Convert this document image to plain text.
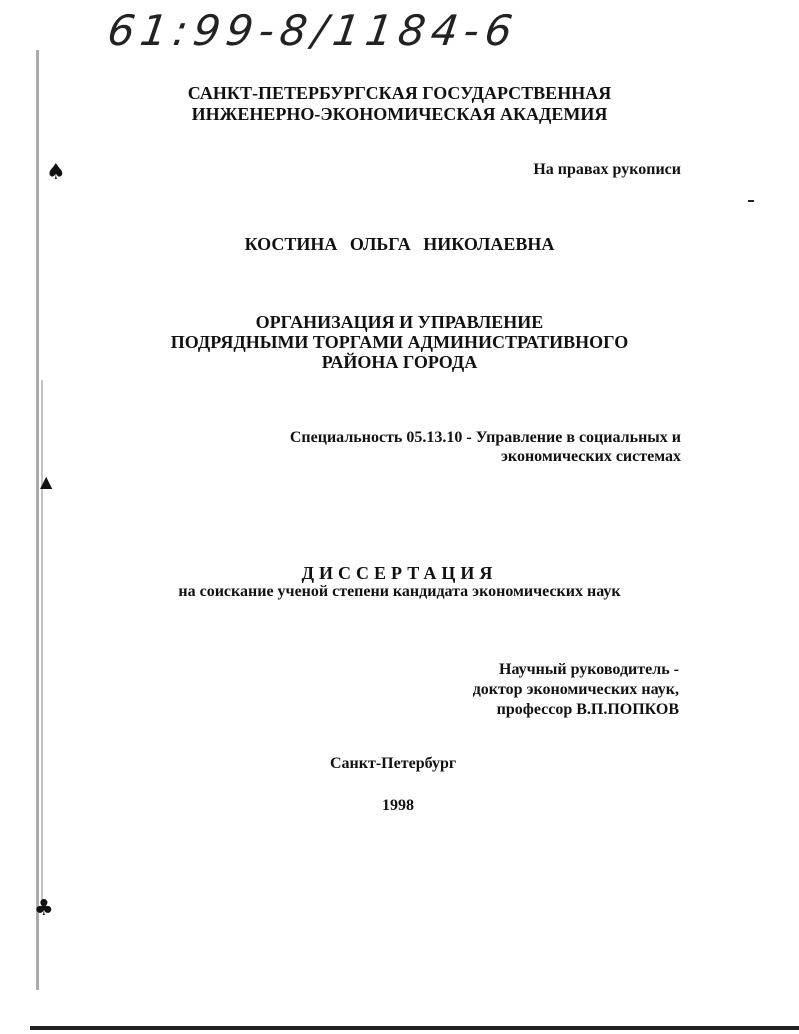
♠
▲
♣
61:99-8/1184-6
САНКТ-ПЕТЕРБУРГСКАЯ ГОСУДАРСТВЕННАЯ
ИНЖЕНЕРНО-ЭКОНОМИЧЕСКАЯ АКАДЕМИЯ
На правах рукописи
КОСТИНА ОЛЬГА НИКОЛАЕВНА
ОРГАНИЗАЦИЯ И УПРАВЛЕНИЕ
ПОДРЯДНЫМИ ТОРГАМИ АДМИНИСТРАТИВНОГО
РАЙОНА ГОРОДА
Специальность 05.13.10 - Управление в социальных и
экономических системах
ДИССЕРТАЦИЯ
на соискание ученой степени кандидата экономических наук
Научный руководитель -
доктор экономических наук,
профессор В.П.ПОПКОВ
Санкт-Петербург
1998
